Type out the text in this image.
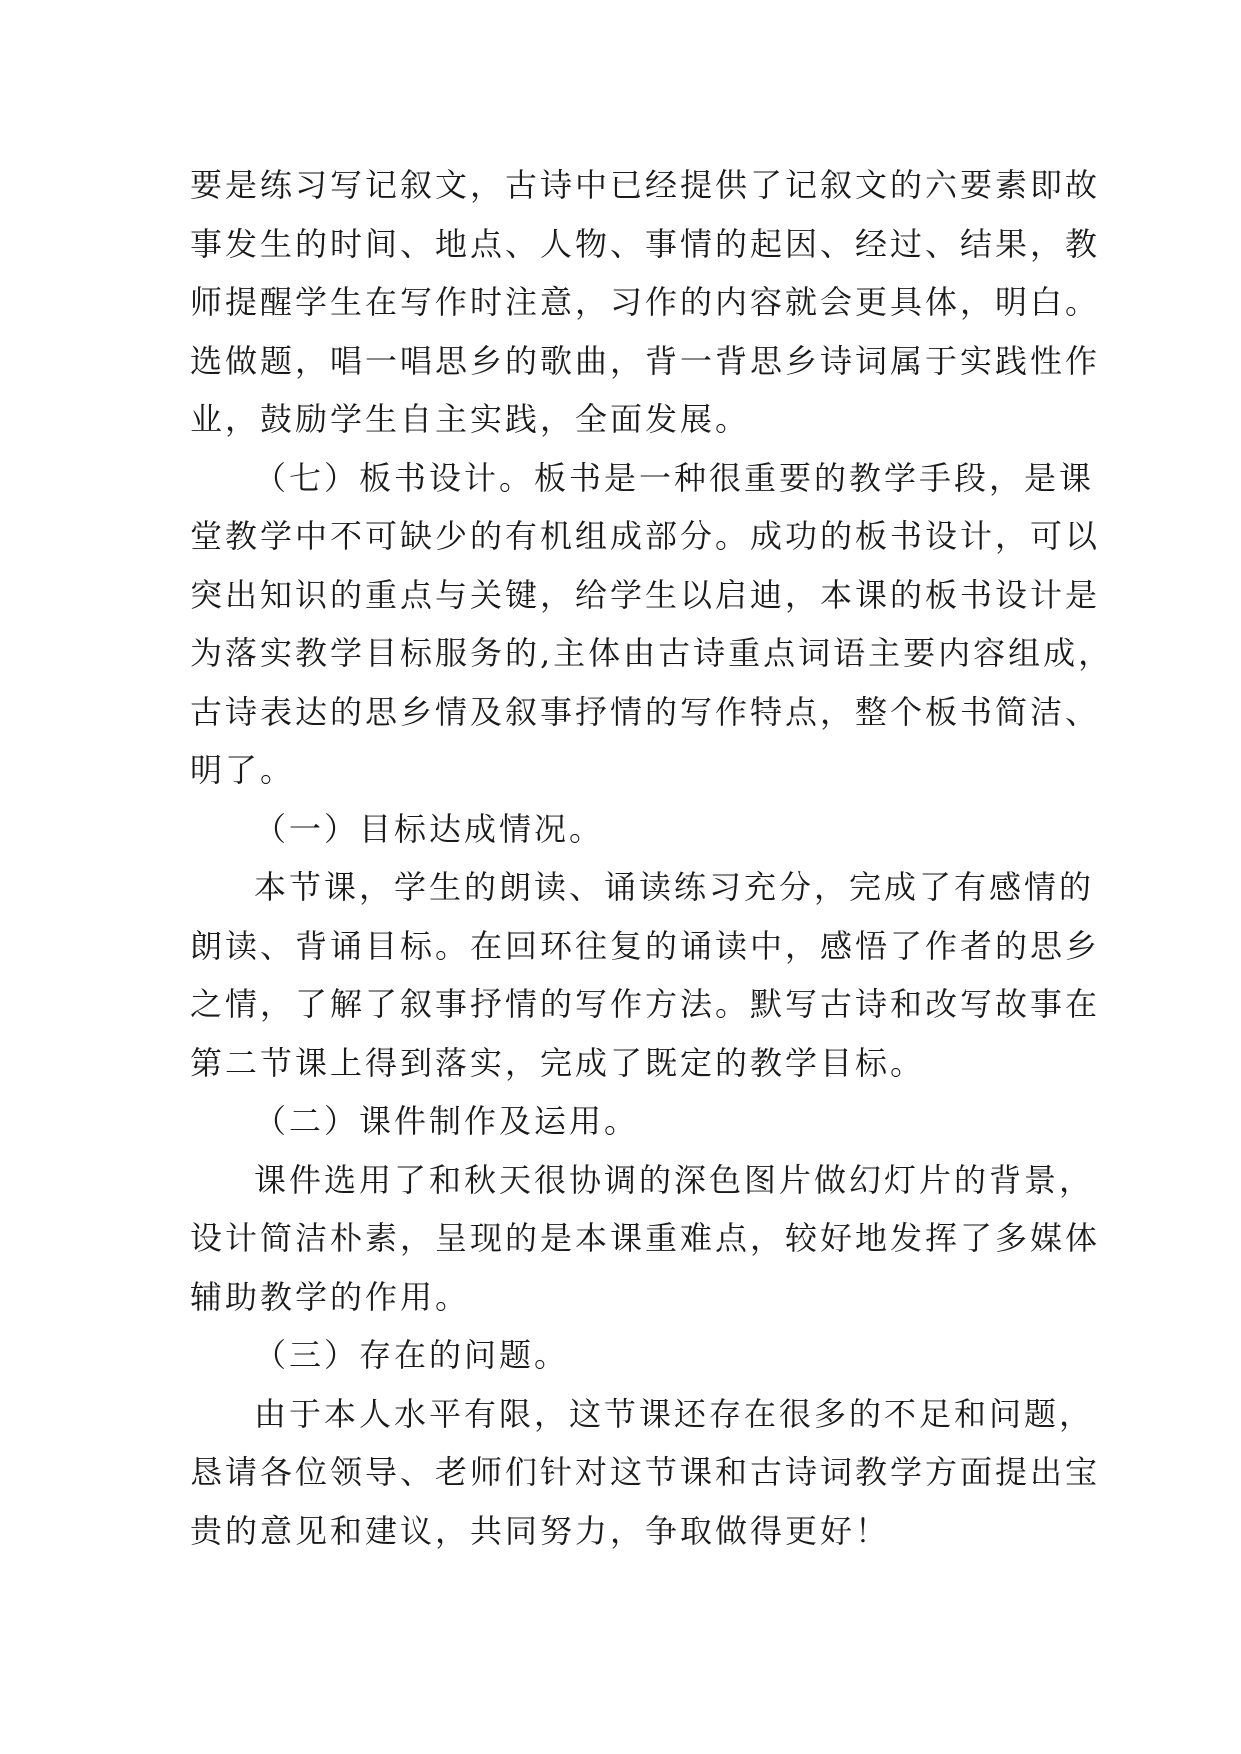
要是练习写记叙文，古诗中已经提供了记叙文的六要素即故
事发生的时间、地点、人物、事情的起因、经过、结果，教
师提醒学生在写作时注意，习作的内容就会更具体，明白。
选做题，唱一唱思乡的歌曲，背一背思乡诗词属于实践性作
业，鼓励学生自主实践，全面发展。
（七）板书设计。板书是一种很重要的教学手段，是课
堂教学中不可缺少的有机组成部分。成功的板书设计，可以
突出知识的重点与关键，给学生以启迪，本课的板书设计是
为落实教学目标服务的,主体由古诗重点词语主要内容组成，
古诗表达的思乡情及叙事抒情的写作特点，整个板书简洁、
明了。
（一）目标达成情况。
本节课，学生的朗读、诵读练习充分，完成了有感情的
朗读、背诵目标。在回环往复的诵读中，感悟了作者的思乡
之情，了解了叙事抒情的写作方法。默写古诗和改写故事在
第二节课上得到落实，完成了既定的教学目标。
（二）课件制作及运用。
课件选用了和秋天很协调的深色图片做幻灯片的背景，
设计简洁朴素，呈现的是本课重难点，较好地发挥了多媒体
辅助教学的作用。
（三）存在的问题。
由于本人水平有限，这节课还存在很多的不足和问题，
恳请各位领导、老师们针对这节课和古诗词教学方面提出宝
贵的意见和建议，共同努力，争取做得更好！
